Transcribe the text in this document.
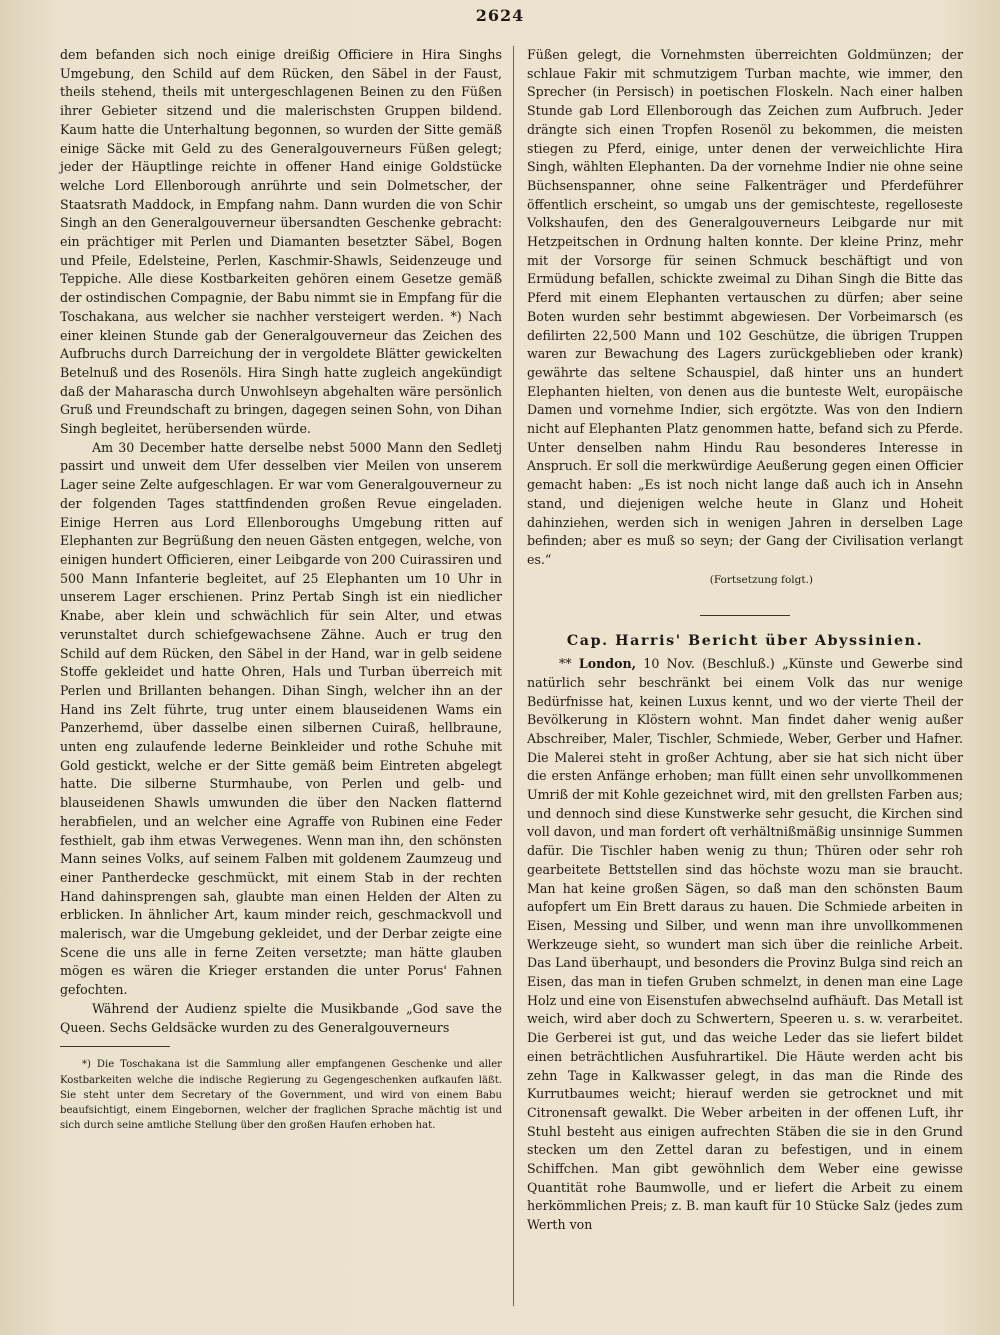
2624

dem befanden sich noch einige dreißig Officiere in Hira Singhs Umgebung, den Schild auf dem Rücken, den Säbel in der Faust, theils stehend, theils mit untergeschlagenen Beinen zu den Füßen ihrer Gebieter sitzend und die malerischsten Gruppen bildend. Kaum hatte die Unterhaltung begonnen, so wurden der Sitte gemäß einige Säcke mit Geld zu des Generalgouverneurs Füßen gelegt; jeder der Häuptlinge reichte in offener Hand einige Goldstücke welche Lord Ellenborough anrührte und sein Dolmetscher, der Staatsrath Maddock, in Empfang nahm. Dann wurden die von Schir Singh an den Generalgouverneur übersandten Geschenke gebracht: ein prächtiger mit Perlen und Diamanten besetzter Säbel, Bogen und Pfeile, Edelsteine, Perlen, Kaschmir-Shawls, Seidenzeuge und Teppiche. Alle diese Kostbarkeiten gehören einem Gesetze gemäß der ostindischen Compagnie, der Babu nimmt sie in Empfang für die Toschakana, aus welcher sie nachher versteigert werden. *) Nach einer kleinen Stunde gab der Generalgouverneur das Zeichen des Aufbruchs durch Darreichung der in vergoldete Blätter gewickelten Betelnuß und des Rosenöls. Hira Singh hatte zugleich angekündigt daß der Maharascha durch Unwohlseyn abgehalten wäre persönlich Gruß und Freundschaft zu bringen, dagegen seinen Sohn, von Dihan Singh begleitet, herübersenden würde.

Am 30 December hatte derselbe nebst 5000 Mann den Sedletj passirt und unweit dem Ufer desselben vier Meilen von unserem Lager seine Zelte aufgeschlagen. Er war vom Generalgouverneur zu der folgenden Tages stattfindenden großen Revue eingeladen. Einige Herren aus Lord Ellenboroughs Umgebung ritten auf Elephanten zur Begrüßung den neuen Gästen entgegen, welche, von einigen hundert Officieren, einer Leibgarde von 200 Cuirassiren und 500 Mann Infanterie begleitet, auf 25 Elephanten um 10 Uhr in unserem Lager erschienen. Prinz Pertab Singh ist ein niedlicher Knabe, aber klein und schwächlich für sein Alter, und etwas verunstaltet durch schiefgewachsene Zähne. Auch er trug den Schild auf dem Rücken, den Säbel in der Hand, war in gelb seidene Stoffe gekleidet und hatte Ohren, Hals und Turban überreich mit Perlen und Brillanten behangen. Dihan Singh, welcher ihn an der Hand ins Zelt führte, trug unter einem blauseidenen Wams ein Panzerhemd, über dasselbe einen silbernen Cuiraß, hellbraune, unten eng zulaufende lederne Beinkleider und rothe Schuhe mit Gold gestickt, welche er der Sitte gemäß beim Eintreten abgelegt hatte. Die silberne Sturmhaube, von Perlen und gelb- und blauseidenen Shawls umwunden die über den Nacken flatternd herabfielen, und an welcher eine Agraffe von Rubinen eine Feder festhielt, gab ihm etwas Verwegenes. Wenn man ihn, den schönsten Mann seines Volks, auf seinem Falben mit goldenem Zaumzeug und einer Pantherdecke geschmückt, mit einem Stab in der rechten Hand dahinsprengen sah, glaubte man einen Helden der Alten zu erblicken. In ähnlicher Art, kaum minder reich, geschmackvoll und malerisch, war die Umgebung gekleidet, und der Derbar zeigte eine Scene die uns alle in ferne Zeiten versetzte; man hätte glauben mögen es wären die Krieger erstanden die unter Porus' Fahnen gefochten.

Während der Audienz spielte die Musikbande „God save the Queen. Sechs Geldsäcke wurden zu des Generalgouverneurs

*) Die Toschakana ist die Sammlung aller empfangenen Geschenke und aller Kostbarkeiten welche die indische Regierung zu Gegengeschenken aufkaufen läßt. Sie steht unter dem Secretary of the Government, und wird von einem Babu beaufsichtigt, einem Eingebornen, welcher der fraglichen Sprache mächtig ist und sich durch seine amtliche Stellung über den großen Haufen erhoben hat.

Füßen gelegt, die Vornehmsten überreichten Goldmünzen; der schlaue Fakir mit schmutzigem Turban machte, wie immer, den Sprecher (in Persisch) in poetischen Floskeln. Nach einer halben Stunde gab Lord Ellenborough das Zeichen zum Aufbruch. Jeder drängte sich einen Tropfen Rosenöl zu bekommen, die meisten stiegen zu Pferd, einige, unter denen der verweichlichte Hira Singh, wählten Elephanten. Da der vornehme Indier nie ohne seine Büchsenspanner, ohne seine Falkenträger und Pferdeführer öffentlich erscheint, so umgab uns der gemischteste, regelloseste Volkshaufen, den des Generalgouverneurs Leibgarde nur mit Hetzpeitschen in Ordnung halten konnte. Der kleine Prinz, mehr mit der Vorsorge für seinen Schmuck beschäftigt und von Ermüdung befallen, schickte zweimal zu Dihan Singh die Bitte das Pferd mit einem Elephanten vertauschen zu dürfen; aber seine Boten wurden sehr bestimmt abgewiesen. Der Vorbeimarsch (es defilirten 22,500 Mann und 102 Geschütze, die übrigen Truppen waren zur Bewachung des Lagers zurückgeblieben oder krank) gewährte das seltene Schauspiel, daß hinter uns an hundert Elephanten hielten, von denen aus die bunteste Welt, europäische Damen und vornehme Indier, sich ergötzte. Was von den Indiern nicht auf Elephanten Platz genommen hatte, befand sich zu Pferde. Unter denselben nahm Hindu Rau besonderes Interesse in Anspruch. Er soll die merkwürdige Aeußerung gegen einen Officier gemacht haben: „Es ist noch nicht lange daß auch ich in Ansehn stand, und diejenigen welche heute in Glanz und Hoheit dahinziehen, werden sich in wenigen Jahren in derselben Lage befinden; aber es muß so seyn; der Gang der Civilisation verlangt es.“

(Fortsetzung folgt.)
Cap. Harris' Bericht über Abyssinien.

** London, 10 Nov. (Beschluß.) „Künste und Gewerbe sind natürlich sehr beschränkt bei einem Volk das nur wenige Bedürfnisse hat, keinen Luxus kennt, und wo der vierte Theil der Bevölkerung in Klöstern wohnt. Man findet daher wenig außer Abschreiber, Maler, Tischler, Schmiede, Weber, Gerber und Hafner. Die Malerei steht in großer Achtung, aber sie hat sich nicht über die ersten Anfänge erhoben; man füllt einen sehr unvollkommenen Umriß der mit Kohle gezeichnet wird, mit den grellsten Farben aus; und dennoch sind diese Kunstwerke sehr gesucht, die Kirchen sind voll davon, und man fordert oft verhältnißmäßig unsinnige Summen dafür. Die Tischler haben wenig zu thun; Thüren oder sehr roh gearbeitete Bettstellen sind das höchste wozu man sie braucht. Man hat keine großen Sägen, so daß man den schönsten Baum aufopfert um Ein Brett daraus zu hauen. Die Schmiede arbeiten in Eisen, Messing und Silber, und wenn man ihre unvollkommenen Werkzeuge sieht, so wundert man sich über die reinliche Arbeit. Das Land überhaupt, und besonders die Provinz Bulga sind reich an Eisen, das man in tiefen Gruben schmelzt, in denen man eine Lage Holz und eine von Eisenstufen abwechselnd aufhäuft. Das Metall ist weich, wird aber doch zu Schwertern, Speeren u. s. w. verarbeitet. Die Gerberei ist gut, und das weiche Leder das sie liefert bildet einen beträchtlichen Ausfuhrartikel. Die Häute werden acht bis zehn Tage in Kalkwasser gelegt, in das man die Rinde des Kurrutbaumes weicht; hierauf werden sie getrocknet und mit Citronensaft gewalkt. Die Weber arbeiten in der offenen Luft, ihr Stuhl besteht aus einigen aufrechten Stäben die sie in den Grund stecken um den Zettel daran zu befestigen, und in einem Schiffchen. Man gibt gewöhnlich dem Weber eine gewisse Quantität rohe Baumwolle, und er liefert die Arbeit zu einem herkömmlichen Preis; z. B. man kauft für 10 Stücke Salz (jedes zum Werth von
